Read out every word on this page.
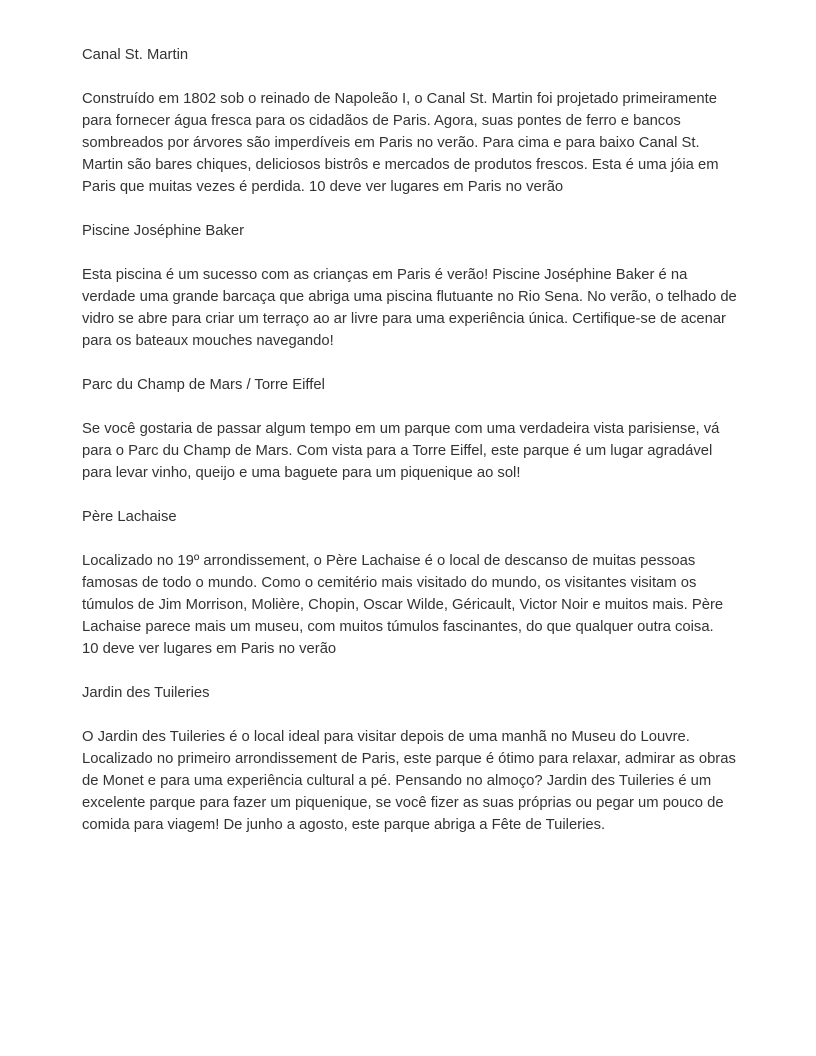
Canal St. Martin

Construído em 1802 sob o reinado de Napoleão I, o Canal St. Martin foi projetado primeiramente para fornecer água fresca para os cidadãos de Paris. Agora, suas pontes de ferro e bancos sombreados por árvores são imperdíveis em Paris no verão. Para cima e para baixo Canal St. Martin são bares chiques, deliciosos bistrôs e mercados de produtos frescos. Esta é uma jóia em Paris que muitas vezes é perdida. 10 deve ver lugares em Paris no verão

Piscine Joséphine Baker

Esta piscina é um sucesso com as crianças em Paris é verão! Piscine Joséphine Baker é na verdade uma grande barcaça que abriga uma piscina flutuante no Rio Sena. No verão, o telhado de vidro se abre para criar um terraço ao ar livre para uma experiência única. Certifique-se de acenar para os bateaux mouches navegando!

Parc du Champ de Mars / Torre Eiffel

Se você gostaria de passar algum tempo em um parque com uma verdadeira vista parisiense, vá para o Parc du Champ de Mars. Com vista para a Torre Eiffel, este parque é um lugar agradável para levar vinho, queijo e uma baguete para um piquenique ao sol!

Père Lachaise

Localizado no 19º arrondissement, o Père Lachaise é o local de descanso de muitas pessoas famosas de todo o mundo. Como o cemitério mais visitado do mundo, os visitantes visitam os túmulos de Jim Morrison, Molière, Chopin, Oscar Wilde, Géricault, Victor Noir e muitos mais. Père Lachaise parece mais um museu, com muitos túmulos fascinantes, do que qualquer outra coisa.

10 deve ver lugares em Paris no verão

Jardin des Tuileries

O Jardin des Tuileries é o local ideal para visitar depois de uma manhã no Museu do Louvre. Localizado no primeiro arrondissement de Paris, este parque é ótimo para relaxar, admirar as obras de Monet e para uma experiência cultural a pé. Pensando no almoço? Jardin des Tuileries é um excelente parque para fazer um piquenique, se você fizer as suas próprias ou pegar um pouco de comida para viagem! De junho a agosto, este parque abriga a Fête de Tuileries.
